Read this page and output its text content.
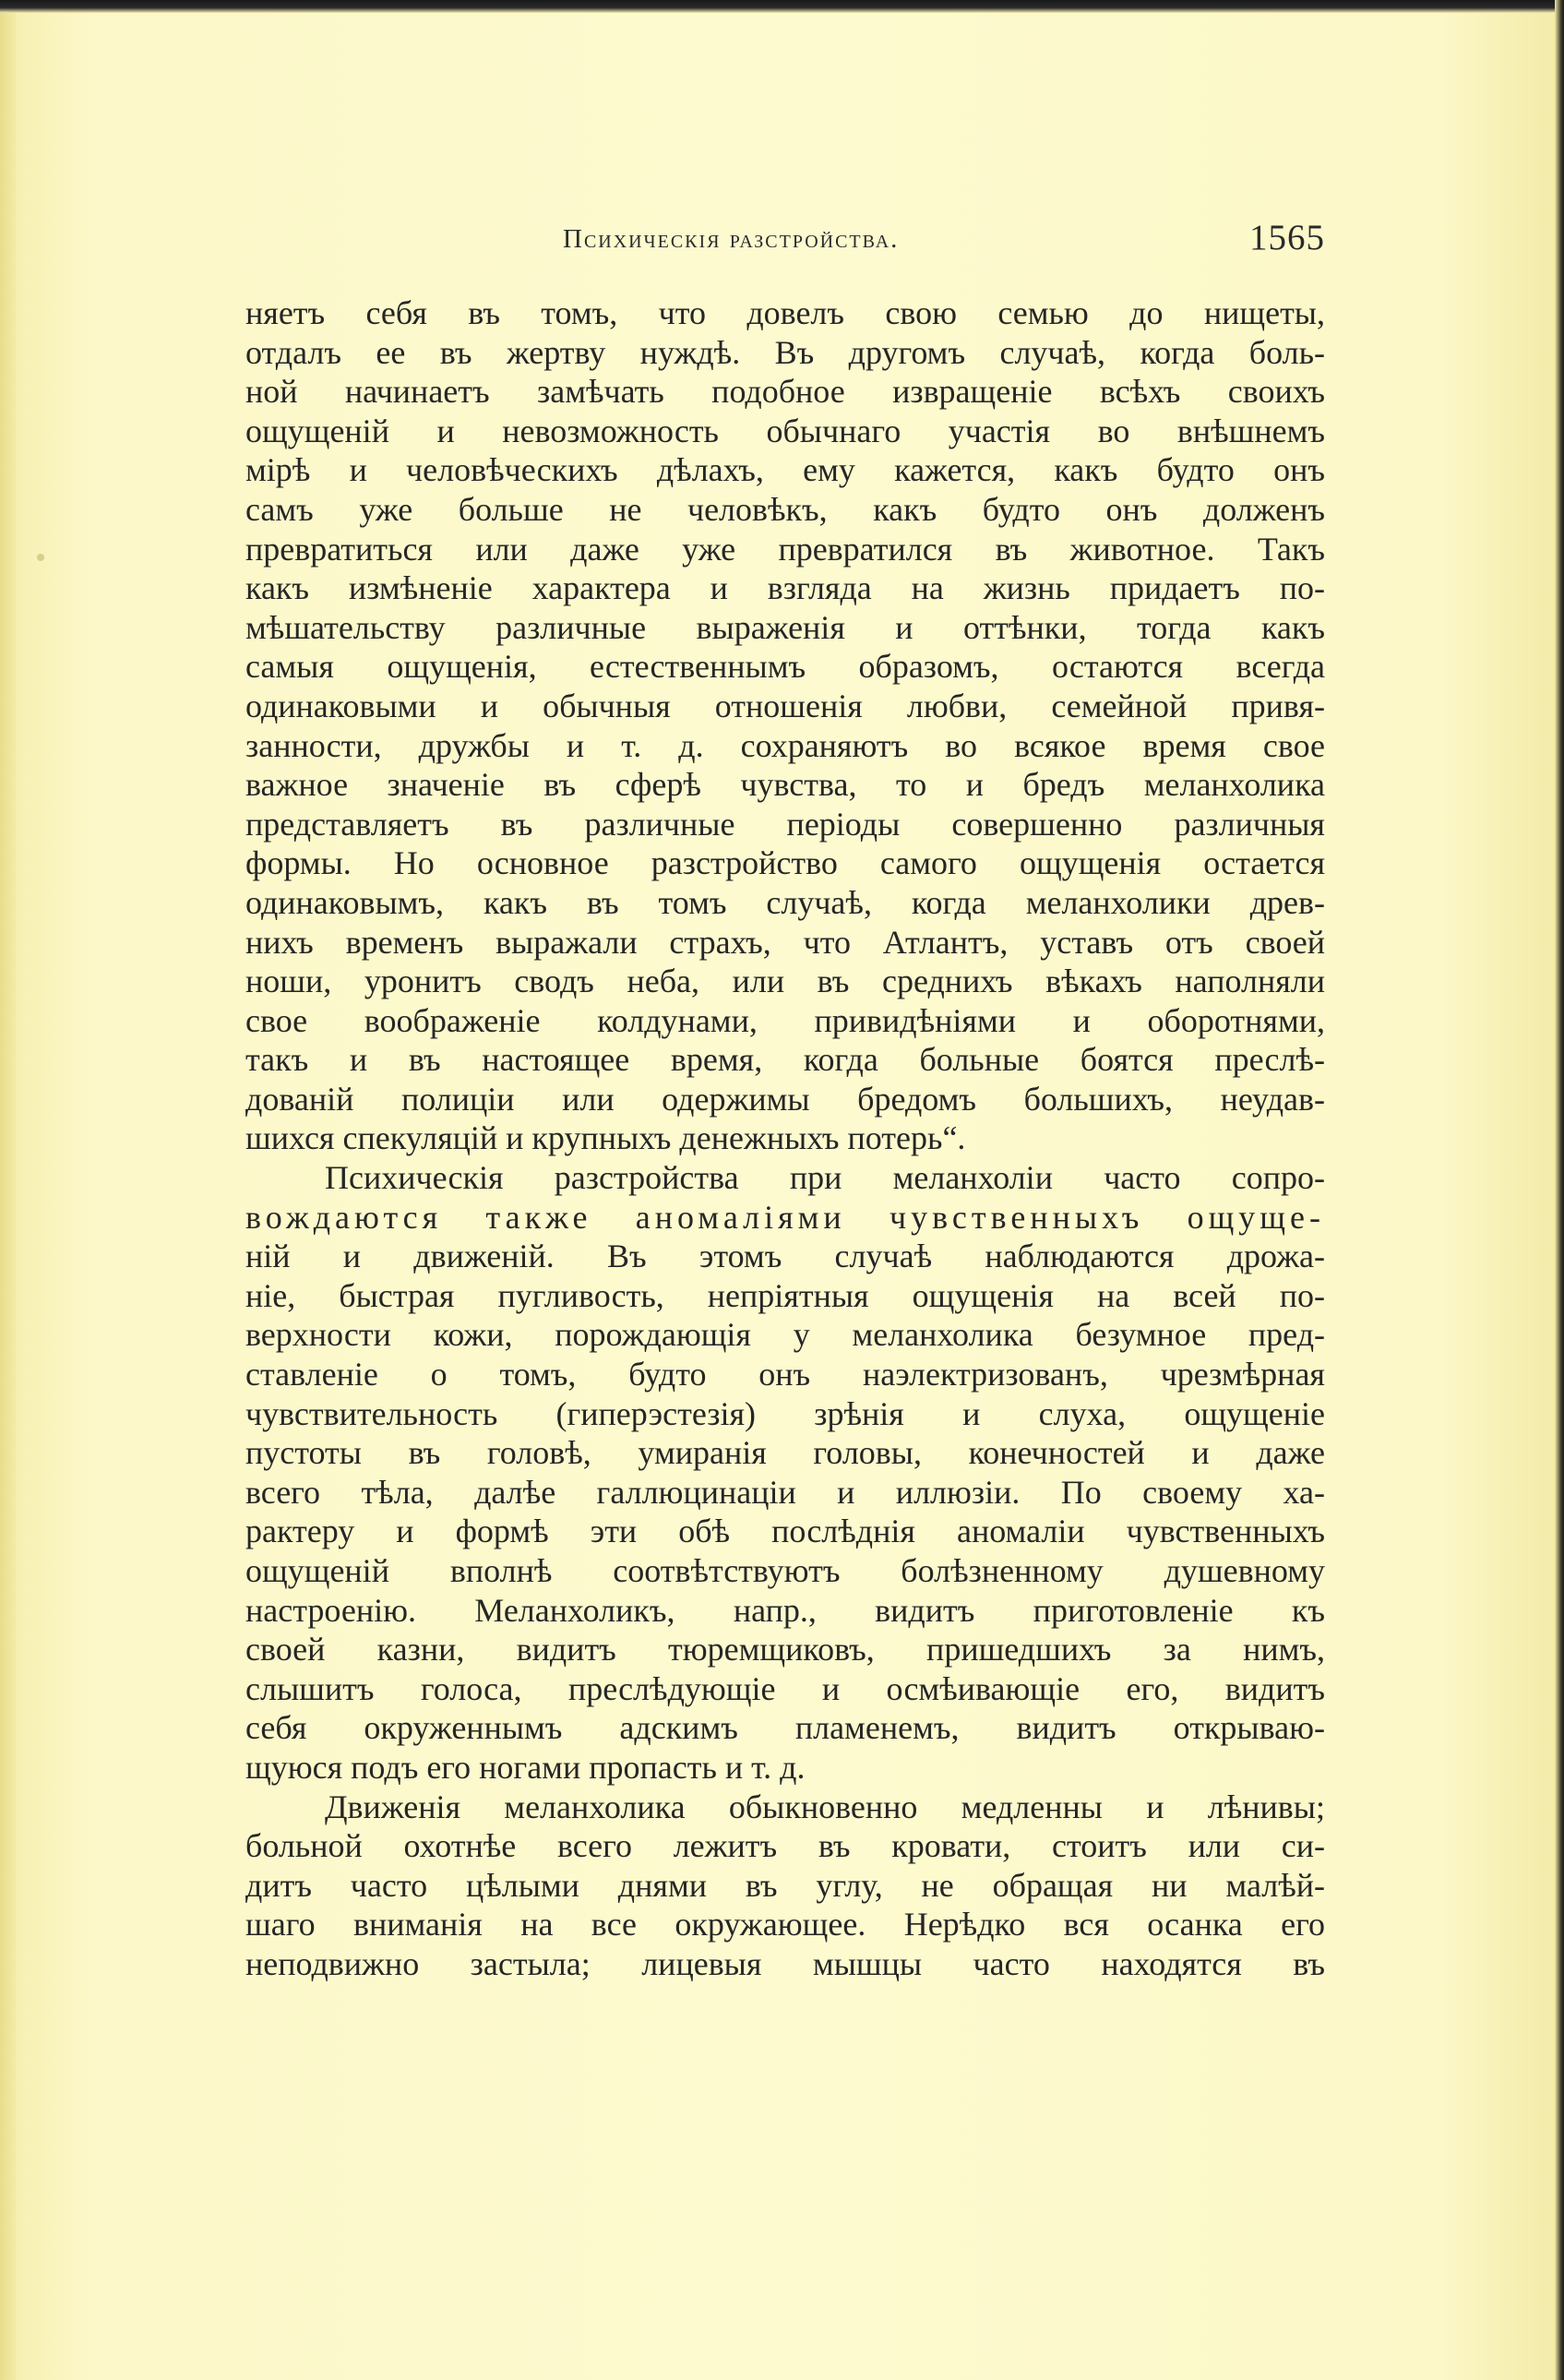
Психическія разстройства.	1565
няетъ себя въ томъ, что довелъ свою семью до нищеты,
отдалъ ее въ жертву нуждѣ. Въ другомъ случаѣ, когда боль-
ной начинаетъ замѣчать подобное извращеніе всѣхъ своихъ
ощущеній и невозможность обычнаго участія во внѣшнемъ
мірѣ и человѣческихъ дѣлахъ, ему кажется, какъ будто онъ
самъ уже больше не человѣкъ, какъ будто онъ долженъ
превратиться или даже уже превратился въ животное. Такъ
какъ измѣненіе характера и взгляда на жизнь придаетъ по-
мѣшательству различные выраженія и оттѣнки, тогда какъ
самыя ощущенія, естественнымъ образомъ, остаются всегда
одинаковыми и обычныя отношенія любви, семейной привя-
занности, дружбы и т. д. сохраняютъ во всякое время свое
важное значеніе въ сферѣ чувства, то и бредъ меланхолика
представляетъ въ различные періоды совершенно различныя
формы. Но основное разстройство самого ощущенія остается
одинаковымъ, какъ въ томъ случаѣ, когда меланхолики древ-
нихъ временъ выражали страхъ, что Атлантъ, уставъ отъ своей
ноши, уронитъ сводъ неба, или въ среднихъ вѣкахъ наполняли
свое воображеніе колдунами, привидѣніями и оборотнями,
такъ и въ настоящее время, когда больные боятся преслѣ-
дованій полиціи или одержимы бредомъ большихъ, неудав-
шихся спекуляцій и крупныхъ денежныхъ потерь“.
Психическія разстройства при меланхоліи часто сопро-
вождаются также аномаліями чувственныхъ ощуще-
ній и движеній. Въ этомъ случаѣ наблюдаются дрожа-
ніе, быстрая пугливость, непріятныя ощущенія на всей по-
верхности кожи, порождающія у меланхолика безумное пред-
ставленіе о томъ, будто онъ наэлектризованъ, чрезмѣрная
чувствительность (гиперэстезія) зрѣнія и слуха, ощущеніе
пустоты въ головѣ, умиранія головы, конечностей и даже
всего тѣла, далѣе галлюцинаціи и иллюзіи. По своему ха-
рактеру и формѣ эти обѣ послѣднія аномаліи чувственныхъ
ощущеній вполнѣ соотвѣтствуютъ болѣзненному душевному
настроенію. Меланхоликъ, напр., видитъ приготовленіе къ
своей казни, видитъ тюремщиковъ, пришедшихъ за нимъ,
слышитъ голоса, преслѣдующіе и осмѣивающіе его, видитъ
себя окруженнымъ адскимъ пламенемъ, видитъ открываю-
щуюся подъ его ногами пропасть и т. д.
Движенія меланхолика обыкновенно медленны и лѣнивы;
больной охотнѣе всего лежитъ въ кровати, стоитъ или си-
дитъ часто цѣлыми днями въ углу, не обращая ни малѣй-
шаго вниманія на все окружающее. Нерѣдко вся осанка его
неподвижно застыла; лицевыя мышцы часто находятся въ
